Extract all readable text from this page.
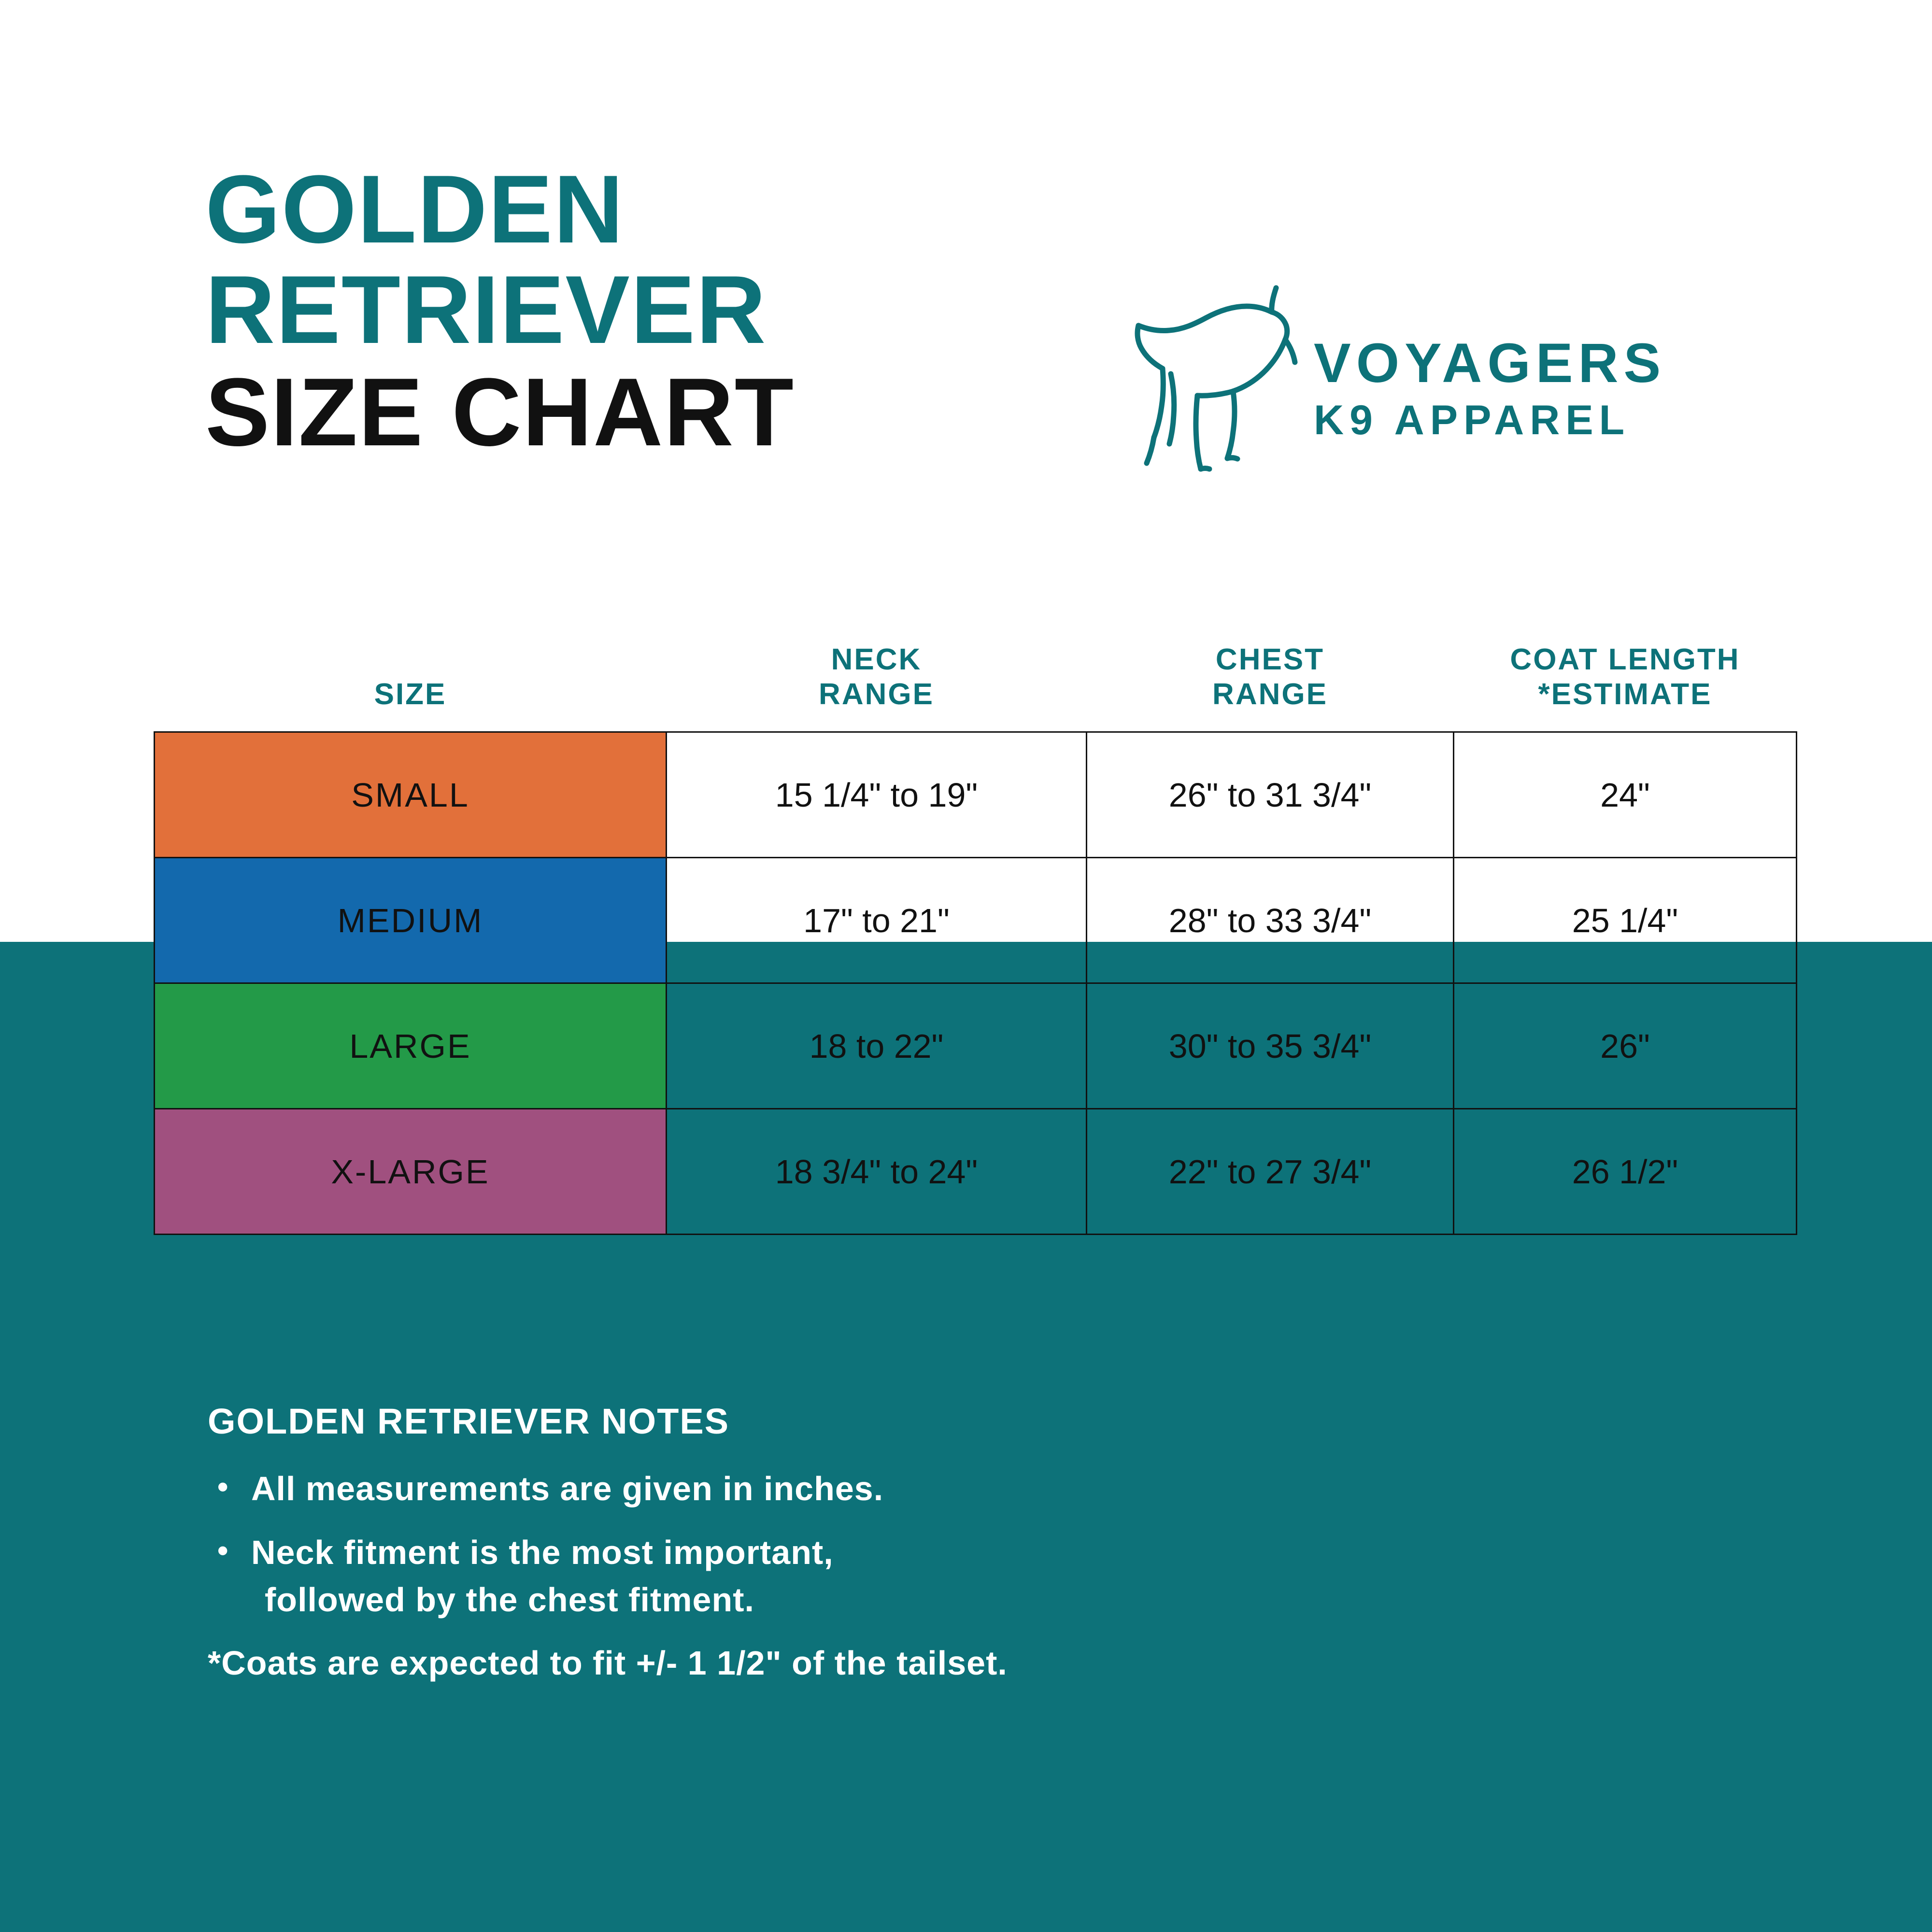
GOLDEN
RETRIEVER
SIZE CHART	VOYAGERS
K9 APPAREL
SIZE

NECK
RANGE

CHEST
RANGE

COAT LENGTH
*ESTIMATE

SMALL	15 1/4" to 19"	26" to 31 3/4"	24"
MEDIUM	17" to 21"	28" to 33 3/4"	25 1/4"
LARGE	18 to 22"	30" to 35 3/4"	26"
X-LARGE	18 3/4" to 24"	22" to 27 3/4"	26 1/2"
GOLDEN RETRIEVER NOTES
• All measurements are given in inches.
• Neck fitment is the most important,
followed by the chest fitment.
*Coats are expected to fit +/- 1 1/2" of the tailset.
